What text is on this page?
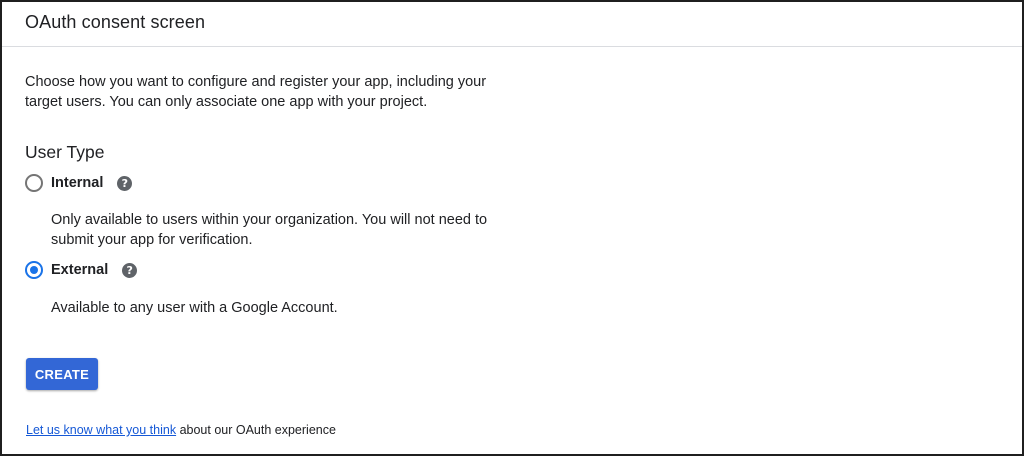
OAuth consent screen
Choose how you want to configure and register your app, including your target users. You can only associate one app with your project.
User Type
Internal	?
Only available to users within your organization. You will not need to submit your app for verification.
External	?
Available to any user with a Google Account.
CREATE
Let us know what you think about our OAuth experience
